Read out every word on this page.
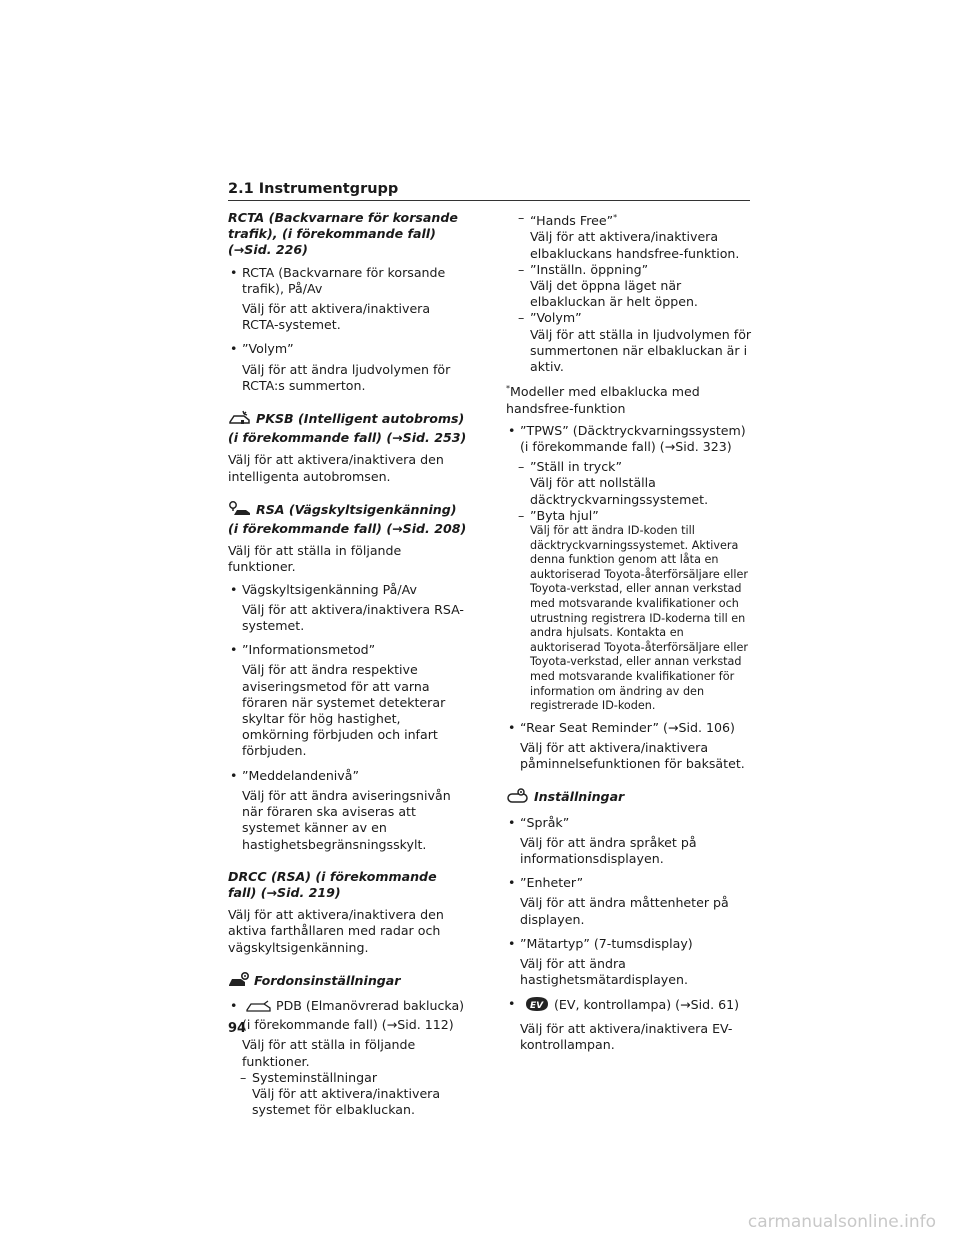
2.1 Instrumentgrupp
RCTA (Backvarnare för korsande trafik), (i förekommande fall) (→Sid. 226)
• RCTA (Backvarnare för korsande trafik), På/Av

Välj för att aktivera/inaktivera RCTA-systemet.

• ”Volym”

Välj för att ändra ljudvolymen för RCTA:s summerton.

PKSB (Intelligent autobroms) (i förekommande fall) (→Sid. 253)

Välj för att aktivera/inaktivera den intelligenta autobromsen.

RSA (Vägskyltsigenkänning) (i förekommande fall) (→Sid. 208)

Välj för att ställa in följande funktioner.

• Vägskyltsigenkänning På/Av

Välj för att aktivera/inaktivera RSA-systemet.

• ”Informationsmetod”

Välj för att ändra respektive aviseringsmetod för att varna föraren när systemet detekterar skyltar för hög hastighet, omkörning förbjuden och infart förbjuden.

• ”Meddelandenivå”

Välj för att ändra aviseringsnivån när föraren ska aviseras att systemet känner av en hastighetsbegränsningsskylt.

DRCC (RSA) (i förekommande fall) (→Sid. 219)

Välj för att aktivera/inaktivera den aktiva farthållaren med radar och vägskyltsigenkänning.

Fordonsinställningar
• PDB (Elmanövrerad baklucka) (i förekommande fall) (→Sid. 112)

Välj för att ställa in följande funktioner.

– Systeminställningar

Välj för att aktivera/inaktivera systemet för elbakluckan.

– “Hands Free”*

Välj för att aktivera/inaktivera elbakluckans handsfree-funktion.

– ”Inställn. öppning”

Välj det öppna läget när elbakluckan är helt öppen.

– ”Volym”

Välj för att ställa in ljudvolymen för summertonen när elbakluckan är i aktiv.

*Modeller med elbaklucka med handsfree-funktion

• ”TPWS” (Däcktryckvarningssystem) (i förekommande fall) (→Sid. 323)
– ”Ställ in tryck”

Välj för att nollställa däcktryckvarningssystemet.

– ”Byta hjul”

Välj för att ändra ID-koden till däcktryckvarningssystemet. Aktivera denna funktion genom att låta en auktoriserad Toyota-återförsäljare eller Toyota-verkstad, eller annan verkstad med motsvarande kvalifikationer och utrustning registrera ID-koderna till en andra hjulsats. Kontakta en auktoriserad Toyota-återförsäljare eller Toyota-verkstad, eller annan verkstad med motsvarande kvalifikationer för information om ändring av den registrerade ID-koden.

• “Rear Seat Reminder” (→Sid. 106)

Välj för att aktivera/inaktivera påminnelsefunktionen för baksätet.

Inställningar
• “Språk”

Välj för att ändra språket på informationsdisplayen.

• ”Enheter”

Välj för att ändra måttenheter på displayen.

• ”Mätartyp” (7-tumsdisplay)

Välj för att ändra hastighetsmätardisplayen.

• EV (EV, kontrollampa) (→Sid. 61)

Välj för att aktivera/inaktivera EV-kontrollampan.

94
carmanualsonline.info
